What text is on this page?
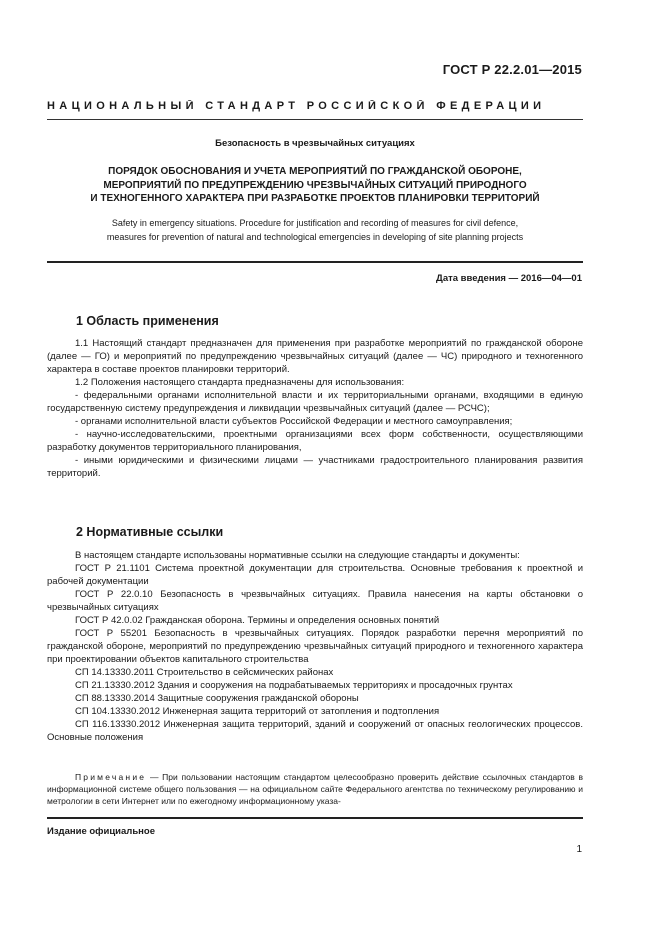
ГОСТ Р 22.2.01—2015
НАЦИОНАЛЬНЫЙ СТАНДАРТ РОССИЙСКОЙ ФЕДЕРАЦИИ
Безопасность в чрезвычайных ситуациях
ПОРЯДОК ОБОСНОВАНИЯ И УЧЕТА МЕРОПРИЯТИЙ ПО ГРАЖДАНСКОЙ ОБОРОНЕ,
МЕРОПРИЯТИЙ ПО ПРЕДУПРЕЖДЕНИЮ ЧРЕЗВЫЧАЙНЫХ СИТУАЦИЙ ПРИРОДНОГО
И ТЕХНОГЕННОГО ХАРАКТЕРА ПРИ РАЗРАБОТКЕ ПРОЕКТОВ ПЛАНИРОВКИ ТЕРРИТОРИЙ
Safety in emergency situations. Procedure for justification and recording of measures for civil defence,
measures for prevention of natural and technological emergencies in developing of site planning projects
Дата введения — 2016—04—01
1 Область применения

1.1 Настоящий стандарт предназначен для применения при разработке мероприятий по гражданской обороне (далее — ГО) и мероприятий по предупреждению чрезвычайных ситуаций (далее — ЧС) природного и техногенного характера в составе проектов планировки территорий.

1.2 Положения настоящего стандарта предназначены для использования:

- федеральными органами исполнительной власти и их территориальными органами, входящими в единую государственную систему предупреждения и ликвидации чрезвычайных ситуаций (далее — РСЧС);

- органами исполнительной власти субъектов Российской Федерации и местного самоуправления;

- научно-исследовательскими, проектными организациями всех форм собственности, осуществляющими разработку документов территориального планирования,

- иными юридическими и физическими лицами — участниками градостроительного планирования развития территорий.

2 Нормативные ссылки

В настоящем стандарте использованы нормативные ссылки на следующие стандарты и документы:

ГОСТ Р 21.1101 Система проектной документации для строительства. Основные требования к проектной и рабочей документации

ГОСТ Р 22.0.10 Безопасность в чрезвычайных ситуациях. Правила нанесения на карты обстановки о чрезвычайных ситуациях

ГОСТ Р 42.0.02 Гражданская оборона. Термины и определения основных понятий

ГОСТ Р 55201 Безопасность в чрезвычайных ситуациях. Порядок разработки перечня мероприятий по гражданской обороне, мероприятий по предупреждению чрезвычайных ситуаций природного и техногенного характера при проектировании объектов капитального строительства

СП 14.13330.2011 Строительство в сейсмических районах

СП 21.13330.2012 Здания и сооружения на подрабатываемых территориях и просадочных грунтах

СП 88.13330.2014 Защитные сооружения гражданской обороны

СП 104.13330.2012 Инженерная защита территорий от затопления и подтопления

СП 116.13330.2012 Инженерная защита территорий, зданий и сооружений от опасных геологических процессов. Основные положения

Примечание — При пользовании настоящим стандартом целесообразно проверить действие ссылочных стандартов в информационной системе общего пользования — на официальном сайте Федерального агентства по техническому регулированию и метрологии в сети Интернет или по ежегодному информационному указа-

Издание официальное
1
